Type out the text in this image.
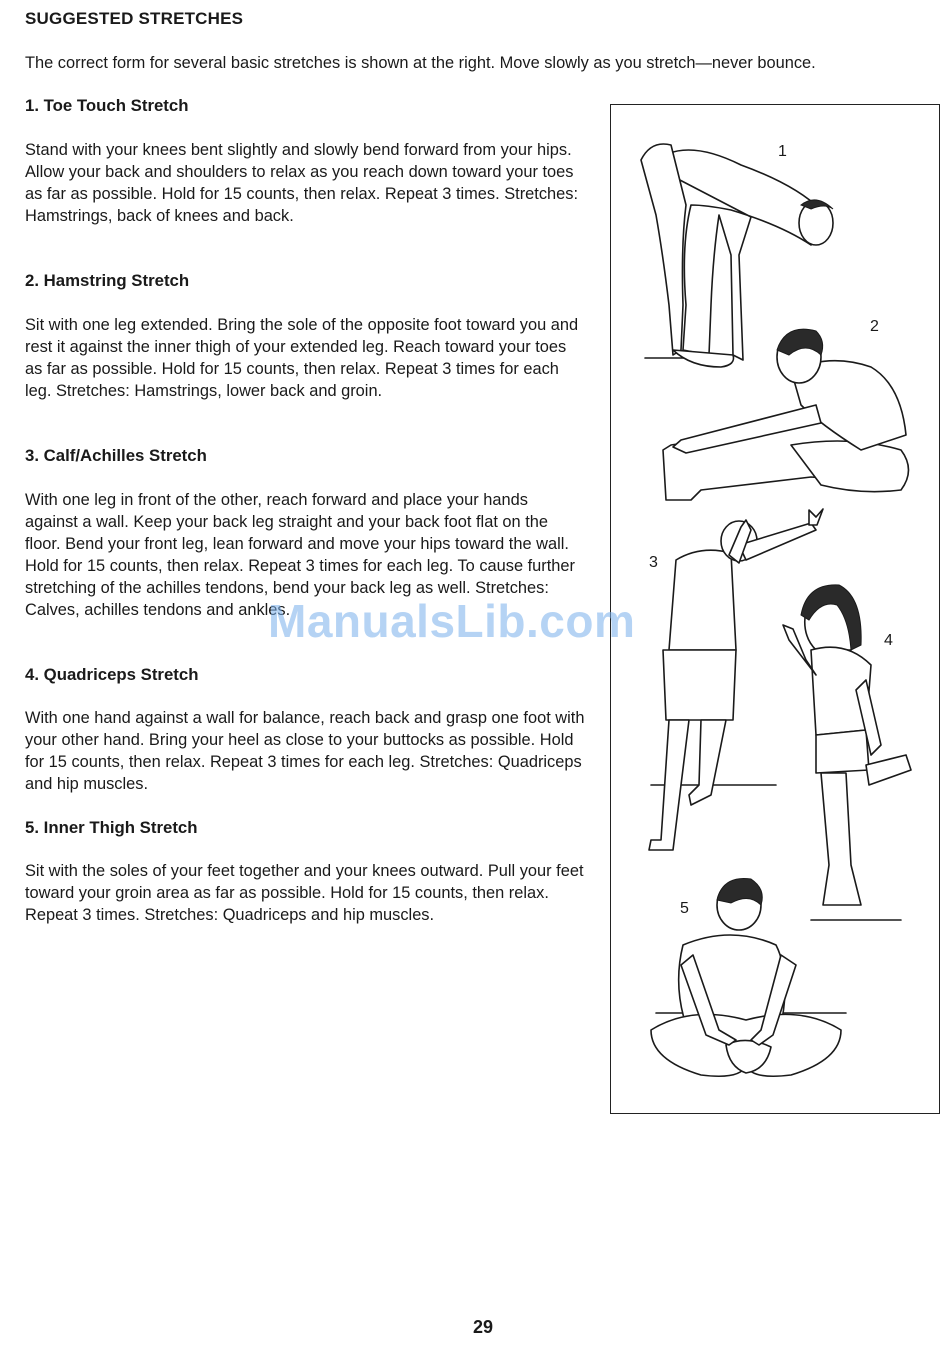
SUGGESTED STRETCHES
The correct form for several basic stretches is shown at the right. Move slowly as you stretch—never bounce.
1. Toe Touch Stretch

Stand with your knees bent slightly and slowly bend forward from your hips. Allow your back and shoulders to relax as you reach down toward your toes as far as possible. Hold for 15 counts, then relax. Repeat 3 times. Stretches: Hamstrings, back of knees and back.

2. Hamstring Stretch

Sit with one leg extended. Bring the sole of the opposite foot toward you and rest it against the inner thigh of your extended leg. Reach toward your toes as far as possible. Hold for 15 counts, then relax. Repeat 3 times for each leg. Stretches: Hamstrings, lower back and groin.

3. Calf/Achilles Stretch

With one leg in front of the other, reach forward and place your hands against a wall. Keep your back leg straight and your back foot flat on the floor. Bend your front leg, lean forward and move your hips toward the wall. Hold for 15 counts, then relax. Repeat 3 times for each leg. To cause further stretching of the achilles tendons, bend your back leg as well. Stretches: Calves, achilles tendons and ankles.

4. Quadriceps Stretch

With one hand against a wall for balance, reach back and grasp one foot with your other hand. Bring your heel as close to your buttocks as possible. Hold for 15 counts, then relax. Repeat 3 times for each leg. Stretches: Quadriceps and hip muscles.

5. Inner Thigh Stretch

Sit with the soles of your feet together and your knees outward. Pull your feet toward your groin area as far as possible. Hold for 15 counts, then relax. Repeat 3 times. Stretches: Quadriceps and hip muscles.

1
2
3
4
5
ManualsLib.com
29
